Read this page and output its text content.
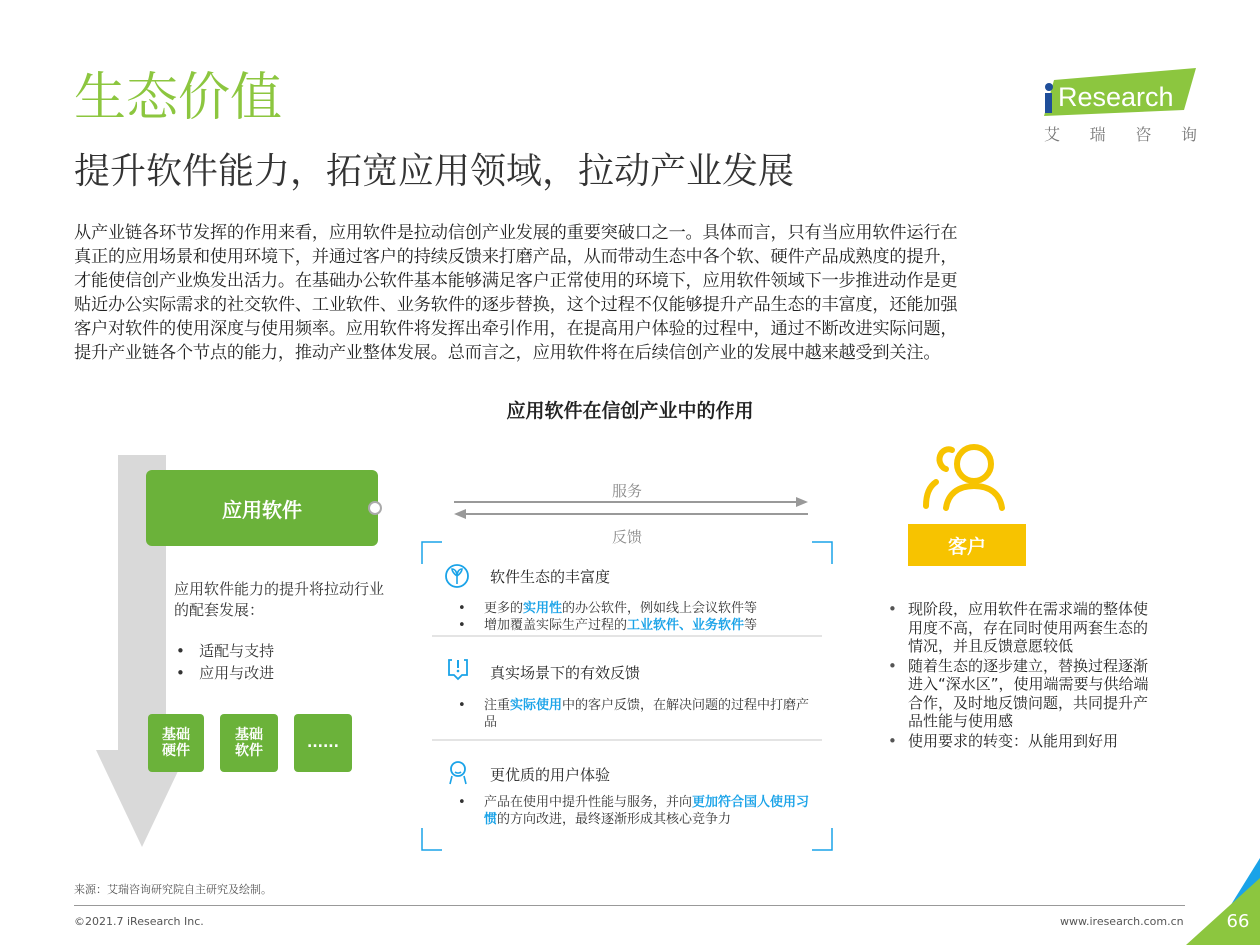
生态价值
提升软件能力，拓宽应用领域，拉动产业发展
从产业链各环节发挥的作用来看，应用软件是拉动信创产业发展的重要突破口之一。具体而言，只有当应用软件运行在
真正的应用场景和使用环境下，并通过客户的持续反馈来打磨产品，从而带动生态中各个软、硬件产品成熟度的提升，
才能使信创产业焕发出活力。在基础办公软件基本能够满足客户正常使用的环境下，应用软件领域下一步推进动作是更
贴近办公实际需求的社交软件、工业软件、业务软件的逐步替换，这个过程不仅能够提升产品生态的丰富度，还能加强
客户对软件的使用深度与使用频率。应用软件将发挥出牵引作用，在提高用户体验的过程中，通过不断改进实际问题，
提升产业链各个节点的能力，推动产业整体发展。总而言之，应用软件将在后续信创产业的发展中越来越受到关注。
Research
艾 瑞 咨 询
应用软件在信创产业中的作用
应用软件
应用软件能力的提升将拉动行业的配套发展：
•   适配与支持
•   应用与改进
基础
硬件
基础
软件	......
服务
反馈
软件生态的丰富度
•	更多的实用性的办公软件，例如线上会议软件等
•	增加覆盖实际生产过程的工业软件、业务软件等
真实场景下的有效反馈
•	注重实际使用中的客户反馈，在解决问题的过程中打磨产品
更优质的用户体验
•	产品在使用中提升性能与服务，并向更加符合国人使用习惯的方向改进，最终逐渐形成其核心竞争力
客户
• 现阶段，应用软件在需求端的整体使用度不高，存在同时使用两套生态的情况，并且反馈意愿较低
• 随着生态的逐步建立，替换过程逐渐进入“深水区”，使用端需要与供给端合作，及时地反馈问题，共同提升产品性能与使用感
• 使用要求的转变：从能用到好用
来源：艾瑞咨询研究院自主研究及绘制。
©2021.7 iResearch Inc.	www.iresearch.com.cn	66
